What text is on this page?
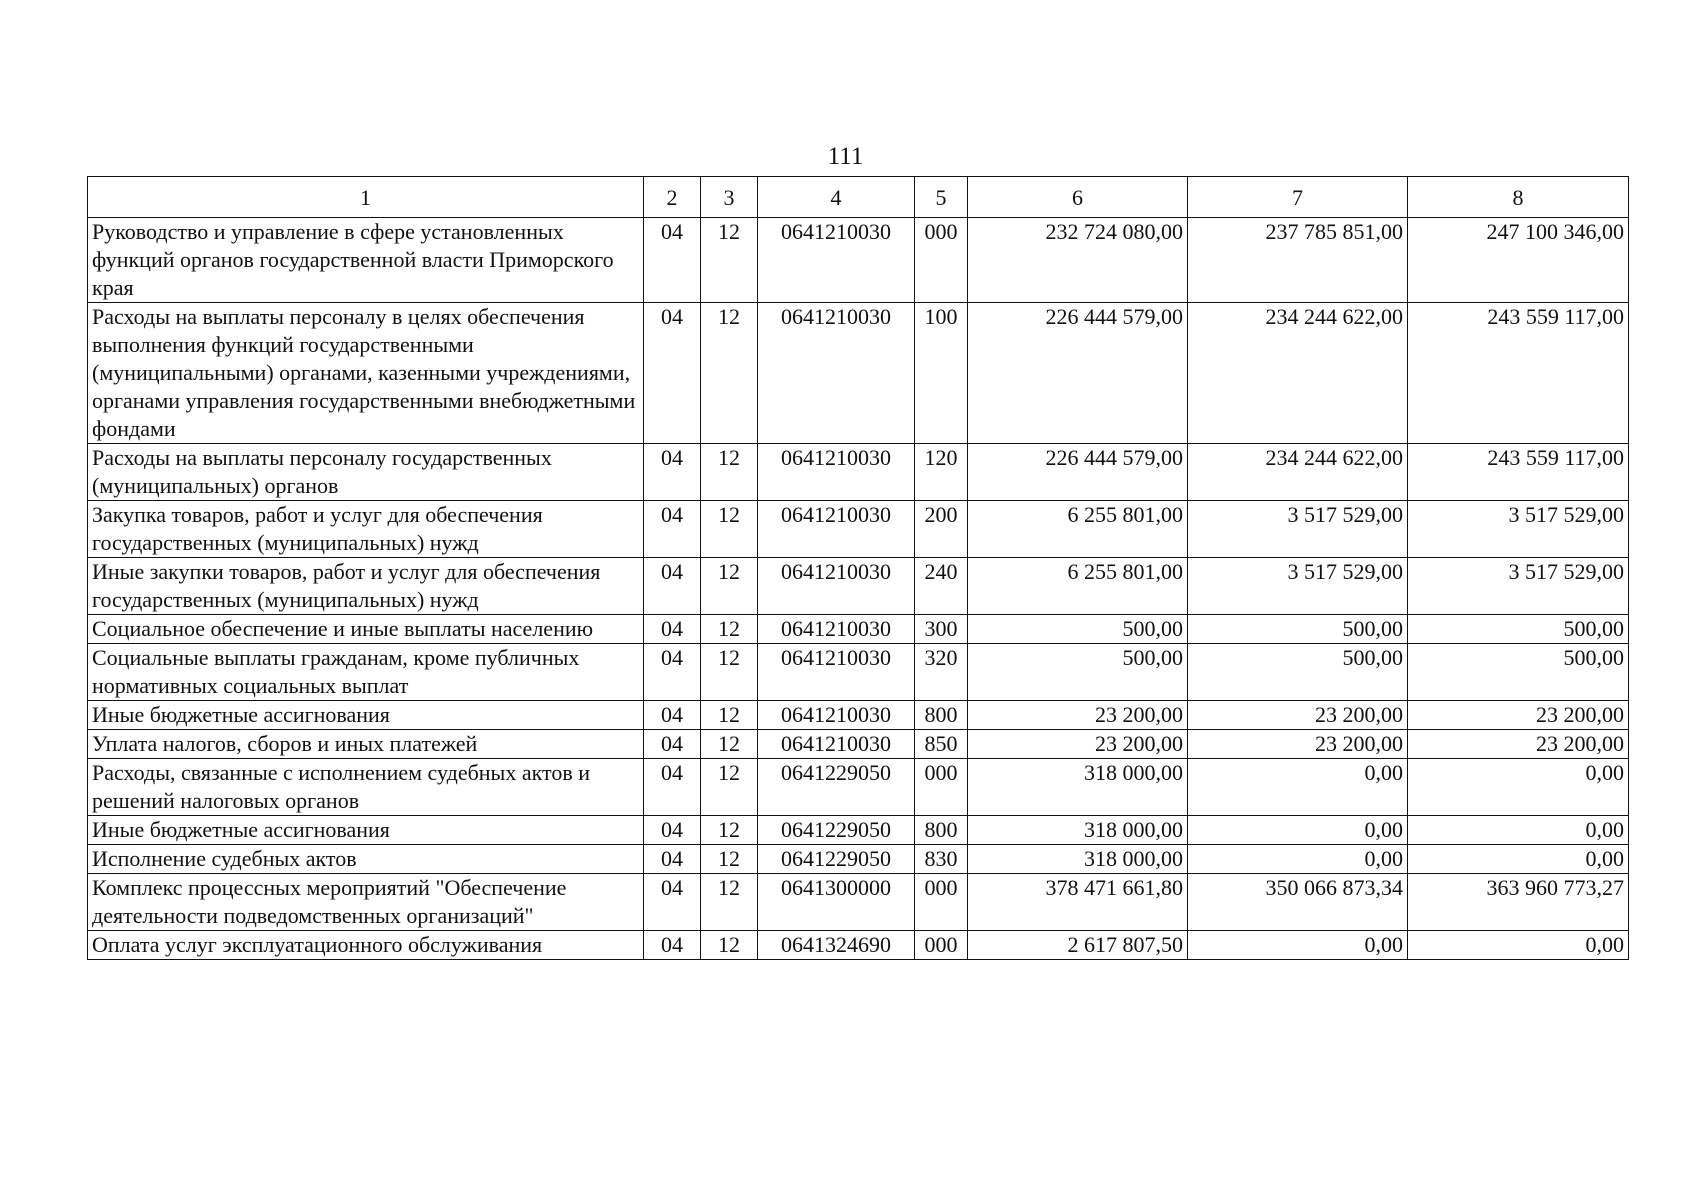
111
1	2	3	4	5	6	7	8
Руководство и управление в сфере установленных функций органов государственной власти Приморского края	04	12	0641210030	000	232 724 080,00	237 785 851,00	247 100 346,00
Расходы на выплаты персоналу в целях обеспечения выполнения функций государственными (муниципальными) органами, казенными учреждениями, органами управления государственными внебюджетными фондами	04	12	0641210030	100	226 444 579,00	234 244 622,00	243 559 117,00
Расходы на выплаты персоналу государственных (муниципальных) органов	04	12	0641210030	120	226 444 579,00	234 244 622,00	243 559 117,00
Закупка товаров, работ и услуг для обеспечения государственных (муниципальных) нужд	04	12	0641210030	200	6 255 801,00	3 517 529,00	3 517 529,00
Иные закупки товаров, работ и услуг для обеспечения государственных (муниципальных) нужд	04	12	0641210030	240	6 255 801,00	3 517 529,00	3 517 529,00
Социальное обеспечение и иные выплаты населению	04	12	0641210030	300	500,00	500,00	500,00
Социальные выплаты гражданам, кроме публичных нормативных социальных выплат	04	12	0641210030	320	500,00	500,00	500,00
Иные бюджетные ассигнования	04	12	0641210030	800	23 200,00	23 200,00	23 200,00
Уплата налогов, сборов и иных платежей	04	12	0641210030	850	23 200,00	23 200,00	23 200,00
Расходы, связанные с исполнением судебных актов и решений налоговых органов	04	12	0641229050	000	318 000,00	0,00	0,00
Иные бюджетные ассигнования	04	12	0641229050	800	318 000,00	0,00	0,00
Исполнение судебных актов	04	12	0641229050	830	318 000,00	0,00	0,00
Комплекс процессных мероприятий "Обеспечение деятельности подведомственных организаций"	04	12	0641300000	000	378 471 661,80	350 066 873,34	363 960 773,27
Оплата услуг эксплуатационного обслуживания	04	12	0641324690	000	2 617 807,50	0,00	0,00
